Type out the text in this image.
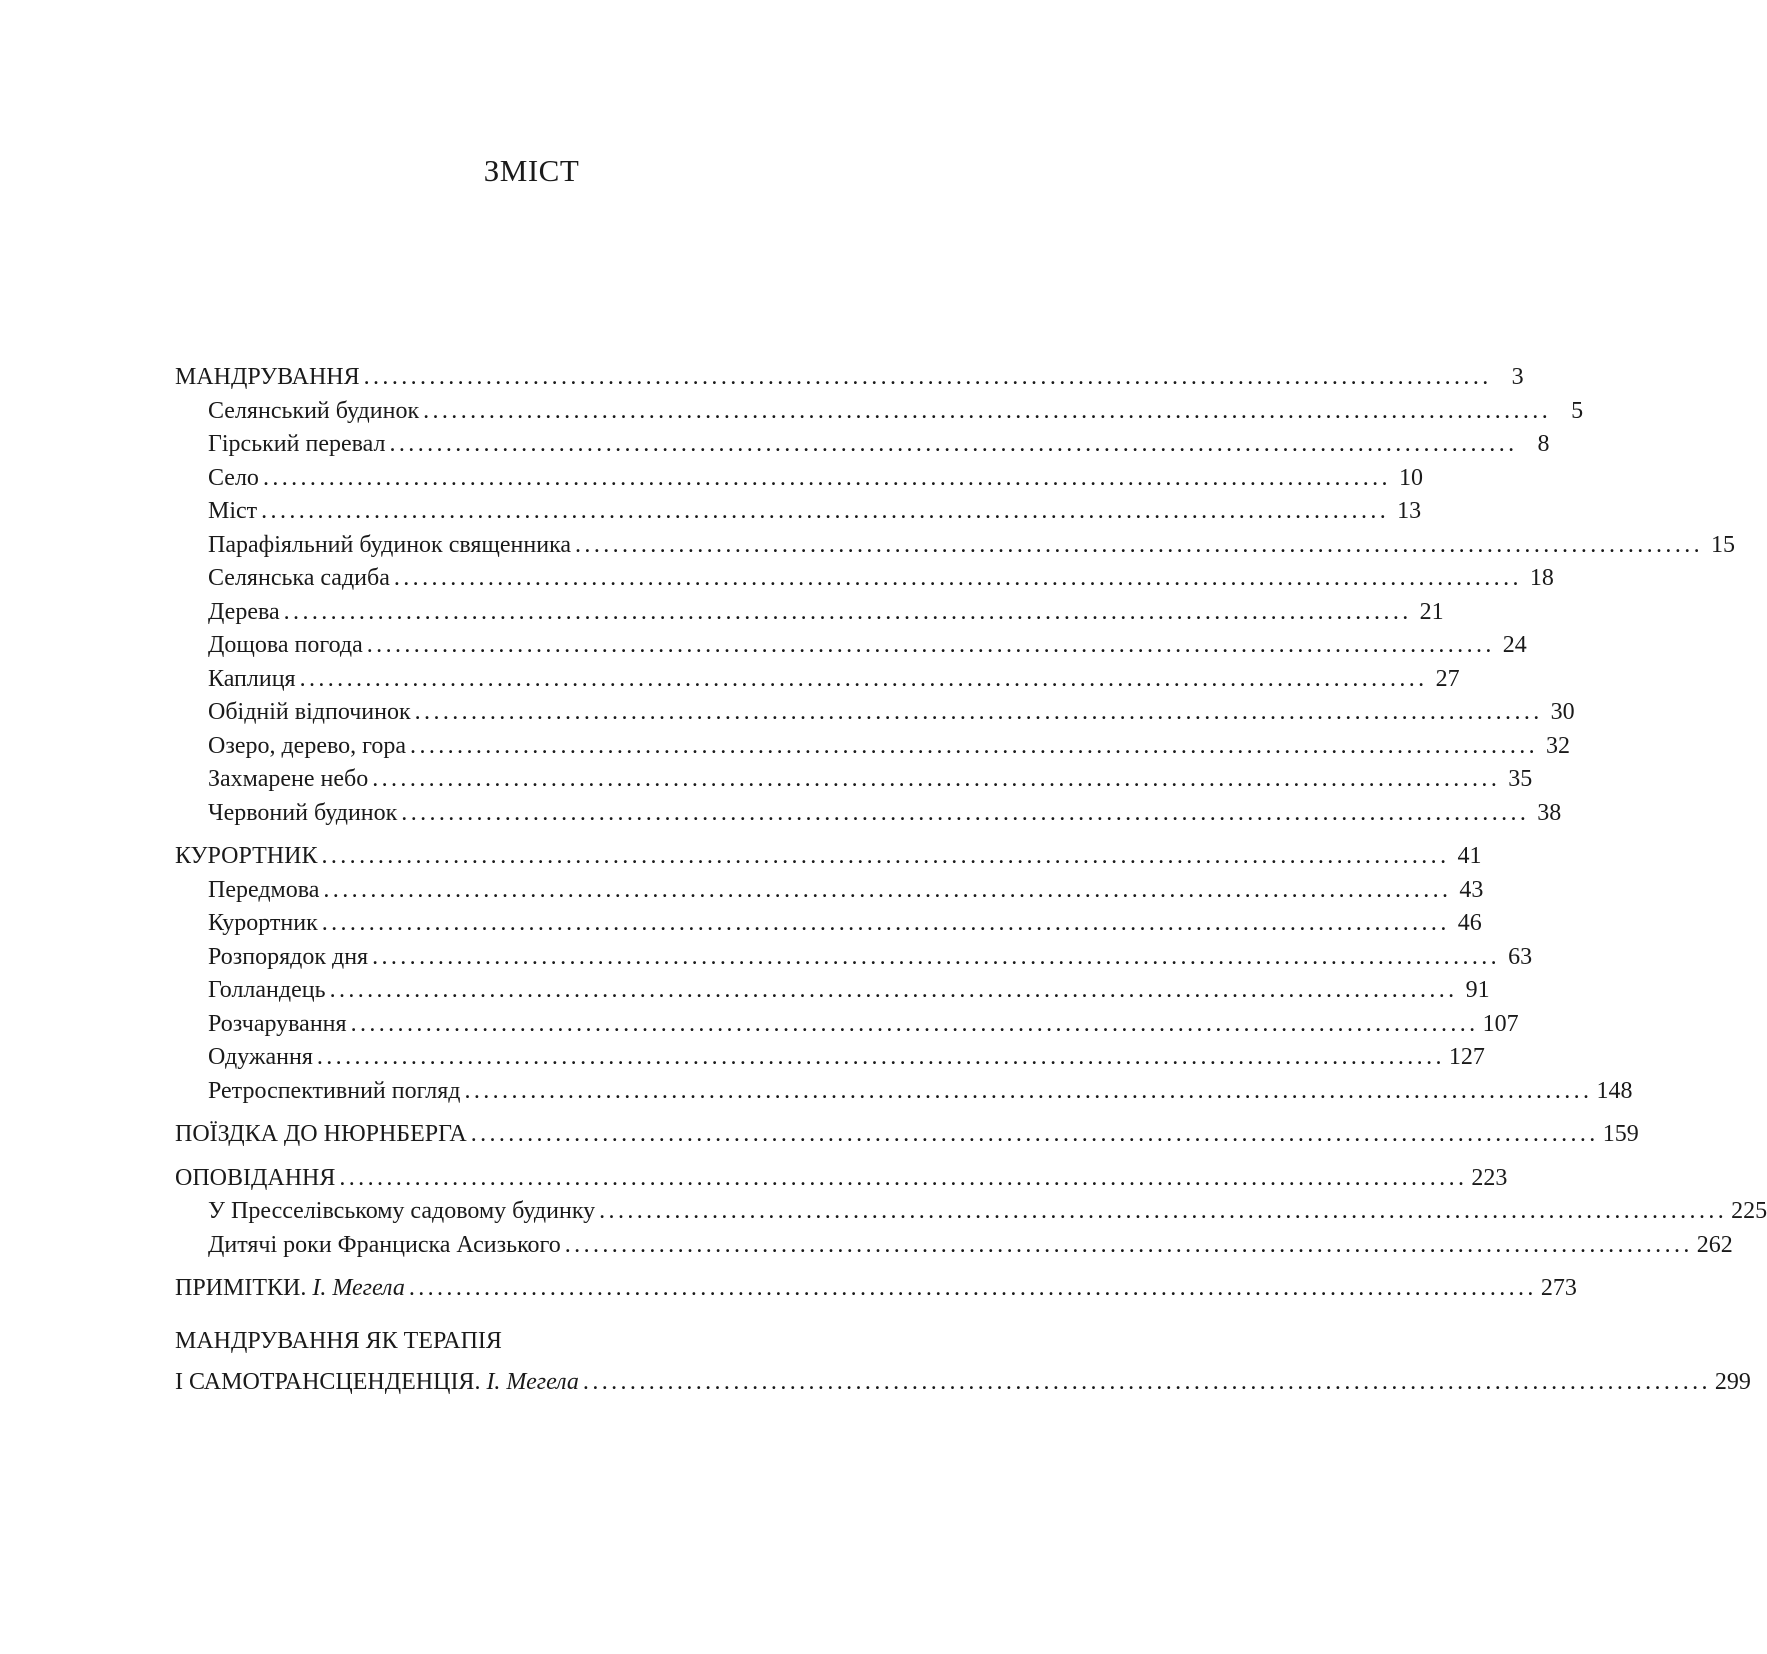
ЗМІСТ
МАНДРУВАННЯ ........................................................................................................................ 3
Селянський будинок ........................................................................................................................ 5
Гірський перевал ........................................................................................................................ 8
Село ........................................................................................................................ 10
Міст ........................................................................................................................ 13
Парафіяльний будинок священника ........................................................................................................................ 15
Селянська садиба ........................................................................................................................ 18
Дерева ........................................................................................................................ 21
Дощова погода ........................................................................................................................ 24
Каплиця ........................................................................................................................ 27
Обідній відпочинок ........................................................................................................................ 30
Озеро, дерево, гора ........................................................................................................................ 32
Захмарене небо ........................................................................................................................ 35
Червоний будинок ........................................................................................................................ 38
КУРОРТНИК ........................................................................................................................ 41
Передмова ........................................................................................................................ 43
Курортник ........................................................................................................................ 46
Розпорядок дня ........................................................................................................................ 63
Голландець ........................................................................................................................ 91
Розчарування ........................................................................................................................ 107
Одужання ........................................................................................................................ 127
Ретроспективний погляд ........................................................................................................................ 148
ПОЇЗДКА ДО НЮРНБЕРГА ........................................................................................................................ 159
ОПОВІДАННЯ ........................................................................................................................ 223
У Пресселівському садовому будинку ........................................................................................................................ 225
Дитячі роки Франциска Асизького ........................................................................................................................ 262
ПРИМІТКИ. І. Мегела ........................................................................................................................ 273
МАНДРУВАННЯ ЯК ТЕРАПІЯ
І САМОТРАНСЦЕНДЕНЦІЯ. І. Мегела ........................................................................................................................ 299
